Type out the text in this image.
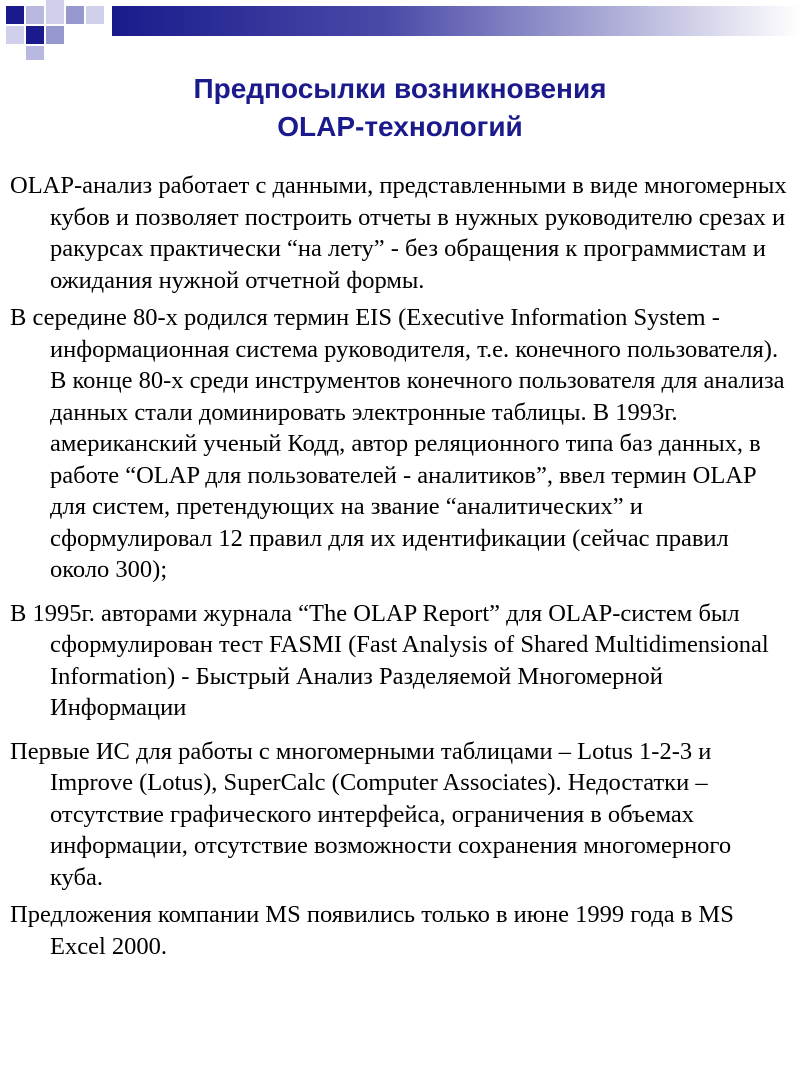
Предпосылки возникновения
OLAP-технологий

OLAP-анализ работает с данными, представленными в виде многомерных кубов и позволяет построить отчеты в нужных руководителю срезах и ракурсах практически “на лету” - без обращения к программистам и ожидания нужной отчетной формы.

В середине 80-х родился термин EIS (Executive Information System - информационная система руководителя, т.е. конечного пользователя). В конце 80-х среди инструментов конечного пользователя для анализа данных стали доминировать электронные таблицы. В 1993г. американский ученый Кодд, автор реляционного типа баз данных, в работе “OLAP для пользователей - аналитиков”, ввел термин OLAP для систем, претендующих на звание “аналитических” и сформулировал 12 правил для их идентификации (сейчас правил около 300);

В 1995г. авторами журнала “The OLAP Report” для OLAP-систем был сформулирован тест FASMI (Fast Analysis of Shared Multidimensional Information) - Быстрый Анализ Разделяемой Многомерной Информации

Первые ИС для работы с многомерными таблицами – Lotus 1-2-3 и Improve (Lotus), SuperCalc (Computer Associates). Недостатки – отсутствие графического интерфейса, ограничения в объемах информации, отсутствие возможности сохранения многомерного куба.

Предложения компании MS появились только в июне 1999 года в MS Excel 2000.
